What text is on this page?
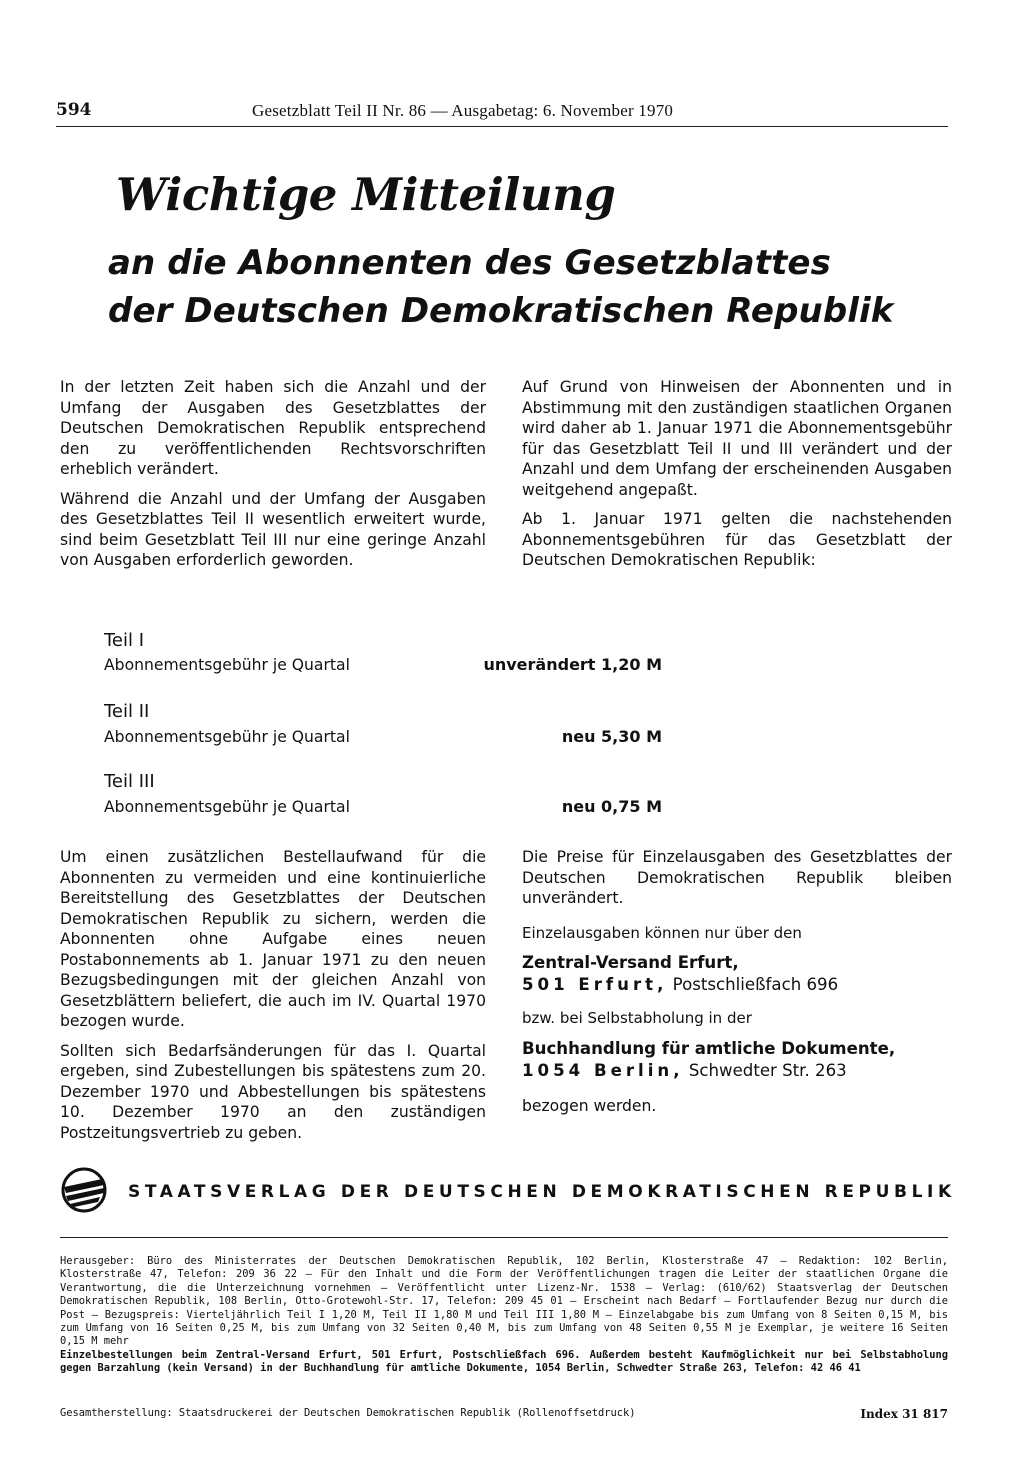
594	Gesetzblatt Teil II Nr. 86 — Ausgabetag: 6. November 1970
Wichtige Mitteilung
an die Abonnenten des Gesetzblattes
der Deutschen Demokratischen Republik

In der letzten Zeit haben sich die Anzahl und der Umfang der Ausgaben des Gesetzblattes der Deutschen Demokratischen Republik entsprechend den zu veröffentlichenden Rechtsvorschriften erheblich verändert.

Während die Anzahl und der Umfang der Ausgaben des Gesetzblattes Teil II wesentlich erweitert wurde, sind beim Gesetzblatt Teil III nur eine geringe Anzahl von Ausgaben erforderlich geworden.

Auf Grund von Hinweisen der Abonnenten und in Abstimmung mit den zuständigen staatlichen Organen wird daher ab 1. Januar 1971 die Abonnementsgebühr für das Gesetzblatt Teil II und III verändert und der Anzahl und dem Umfang der erscheinenden Ausgaben weitgehend angepaßt.

Ab 1. Januar 1971 gelten die nachstehenden Abonnementsgebühren für das Gesetzblatt der Deutschen Demokratischen Republik:

Teil I
Abonnementsgebühr je Quartal	unverändert 1,20 M
Teil II
Abonnementsgebühr je Quartal	neu 5,30 M
Teil III
Abonnementsgebühr je Quartal	neu 0,75 M

Um einen zusätzlichen Bestellaufwand für die Abonnenten zu vermeiden und eine kontinuierliche Bereitstellung des Gesetzblattes der Deutschen Demokratischen Republik zu sichern, werden die Abonnenten ohne Aufgabe eines neuen Postabonnements ab 1. Januar 1971 zu den neuen Bezugsbedingungen mit der gleichen Anzahl von Gesetzblättern beliefert, die auch im IV. Quartal 1970 bezogen wurde.

Sollten sich Bedarfsänderungen für das I. Quartal ergeben, sind Zubestellungen bis spätestens zum 20. Dezember 1970 und Abbestellungen bis spätestens 10. Dezember 1970 an den zuständigen Postzeitungsvertrieb zu geben.

Die Preise für Einzelausgaben des Gesetzblattes der Deutschen Demokratischen Republik bleiben unverändert.

Einzelausgaben können nur über den

Zentral-Versand Erfurt,
501 Erfurt, Postschließfach 696

bzw. bei Selbstabholung in der

Buchhandlung für amtliche Dokumente,
1054 Berlin, Schwedter Str. 263

bezogen werden.

STAATSVERLAG DER DEUTSCHEN DEMOKRATISCHEN REPUBLIK

Herausgeber: Büro des Ministerrates der Deutschen Demokratischen Republik, 102 Berlin, Klosterstraße 47 — Redaktion: 102 Berlin, Klosterstraße 47, Telefon: 209 36 22 — Für den Inhalt und die Form der Veröffentlichungen tragen die Leiter der staatlichen Organe die Verantwortung, die die Unterzeichnung vornehmen — Veröffentlicht unter Lizenz-Nr. 1538 — Verlag: (610/62) Staatsverlag der Deutschen Demokratischen Republik, 108 Berlin, Otto-Grotewohl-Str. 17, Telefon: 209 45 01 — Erscheint nach Bedarf — Fortlaufender Bezug nur durch die Post — Bezugspreis: Vierteljährlich Teil I 1,20 M, Teil II 1,80 M und Teil III 1,80 M — Einzelabgabe bis zum Umfang von 8 Seiten 0,15 M, bis zum Umfang von 16 Seiten 0,25 M, bis zum Umfang von 32 Seiten 0,40 M, bis zum Umfang von 48 Seiten 0,55 M je Exemplar, je weitere 16 Seiten 0,15 M mehr

Einzelbestellungen beim Zentral-Versand Erfurt, 501 Erfurt, Postschließfach 696. Außerdem besteht Kaufmöglichkeit nur bei Selbstabholung gegen Barzahlung (kein Versand) in der Buchhandlung für amtliche Dokumente, 1054 Berlin, Schwedter Straße 263, Telefon: 42 46 41

Gesamtherstellung: Staatsdruckerei der Deutschen Demokratischen Republik (Rollenoffsetdruck)	Index 31 817
